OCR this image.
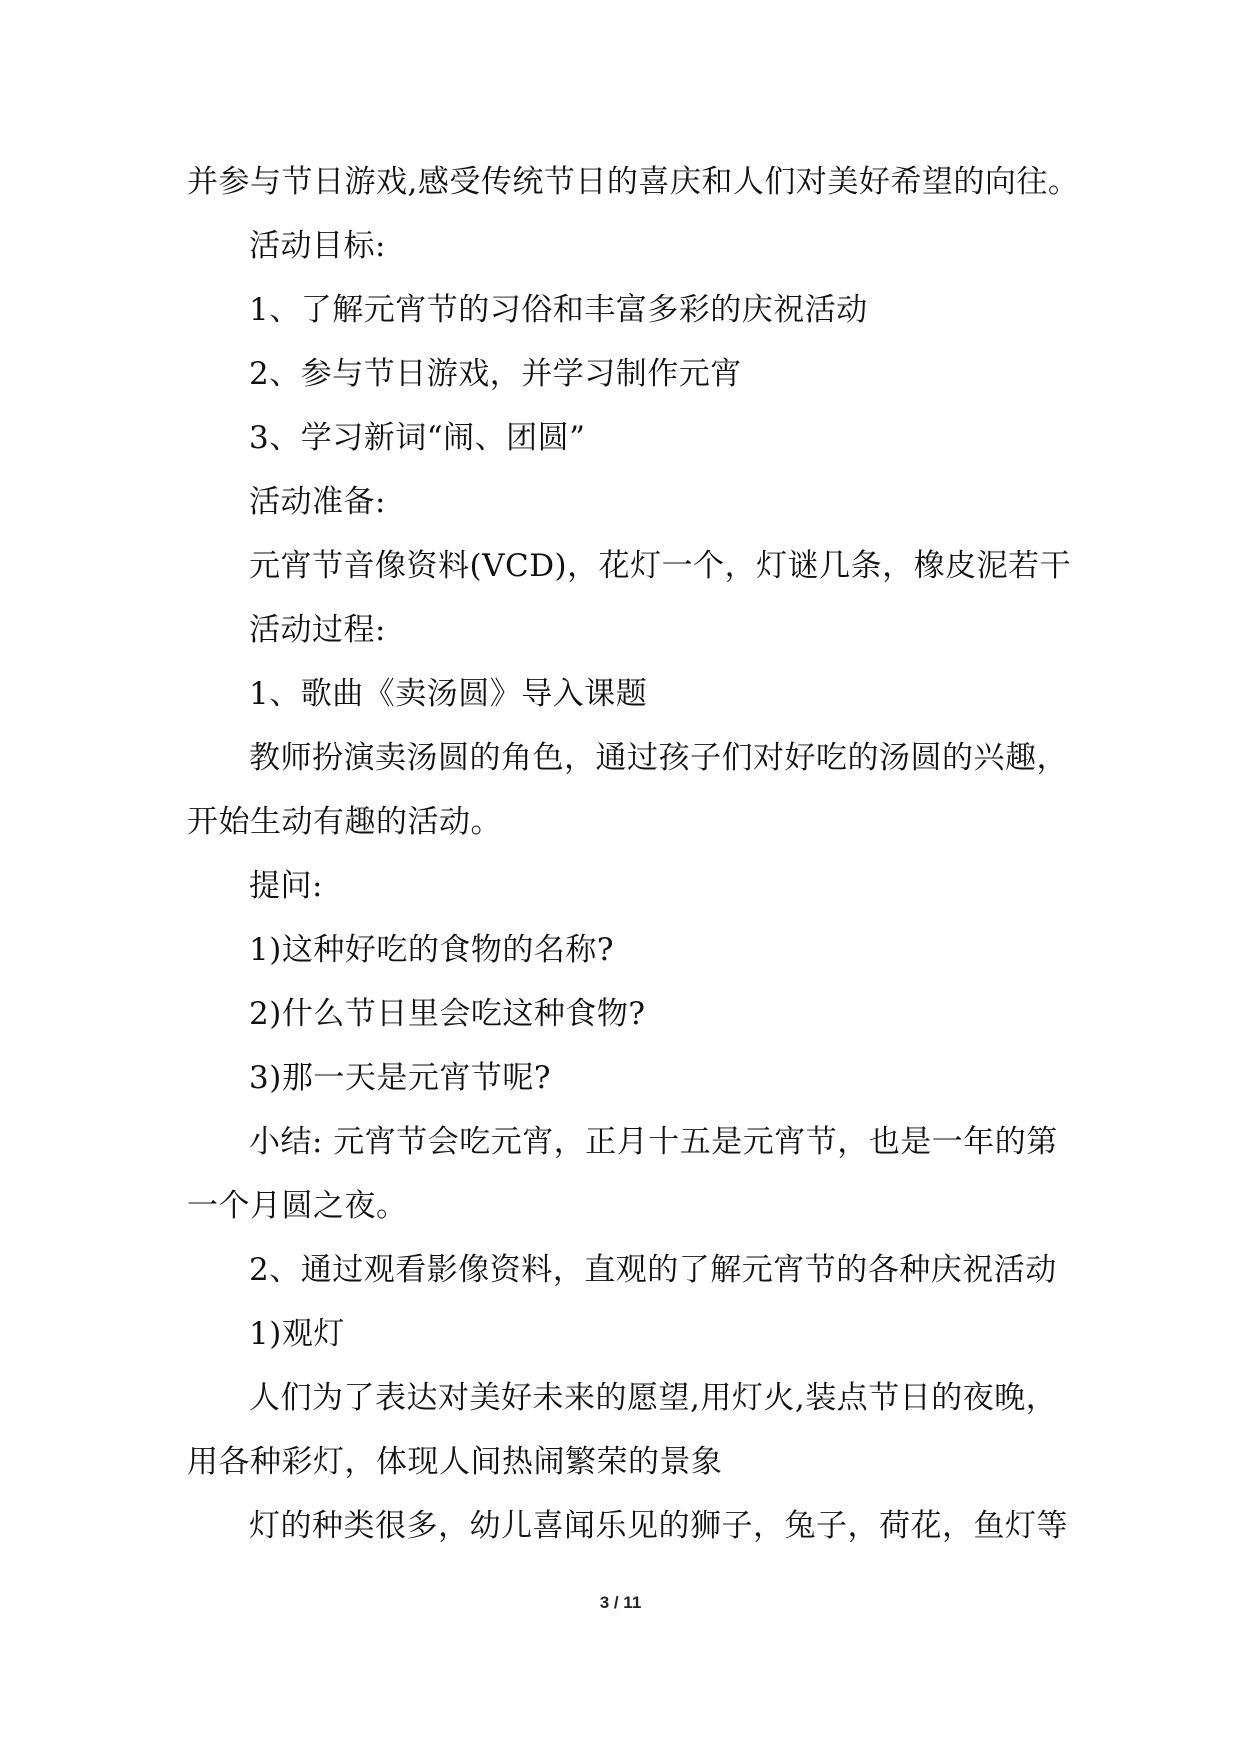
并参与节日游戏,感受传统节日的喜庆和人们对美好希望的向往。
活动目标:
1、了解元宵节的习俗和丰富多彩的庆祝活动
2、参与节日游戏，并学习制作元宵
3、学习新词“闹、团圆”
活动准备:
元宵节音像资料(VCD)，花灯一个，灯谜几条，橡皮泥若干
活动过程:
1、歌曲《卖汤圆》导入课题
教师扮演卖汤圆的角色，通过孩子们对好吃的汤圆的兴趣，
开始生动有趣的活动。
提问:
1)这种好吃的食物的名称?
2)什么节日里会吃这种食物?
3)那一天是元宵节呢?
小结: 元宵节会吃元宵，正月十五是元宵节，也是一年的第
一个月圆之夜。
2、通过观看影像资料，直观的了解元宵节的各种庆祝活动
1)观灯
人们为了表达对美好未来的愿望,用灯火,装点节日的夜晚，
用各种彩灯，体现人间热闹繁荣的景象
灯的种类很多，幼儿喜闻乐见的狮子，兔子，荷花，鱼灯等
3 / 11
